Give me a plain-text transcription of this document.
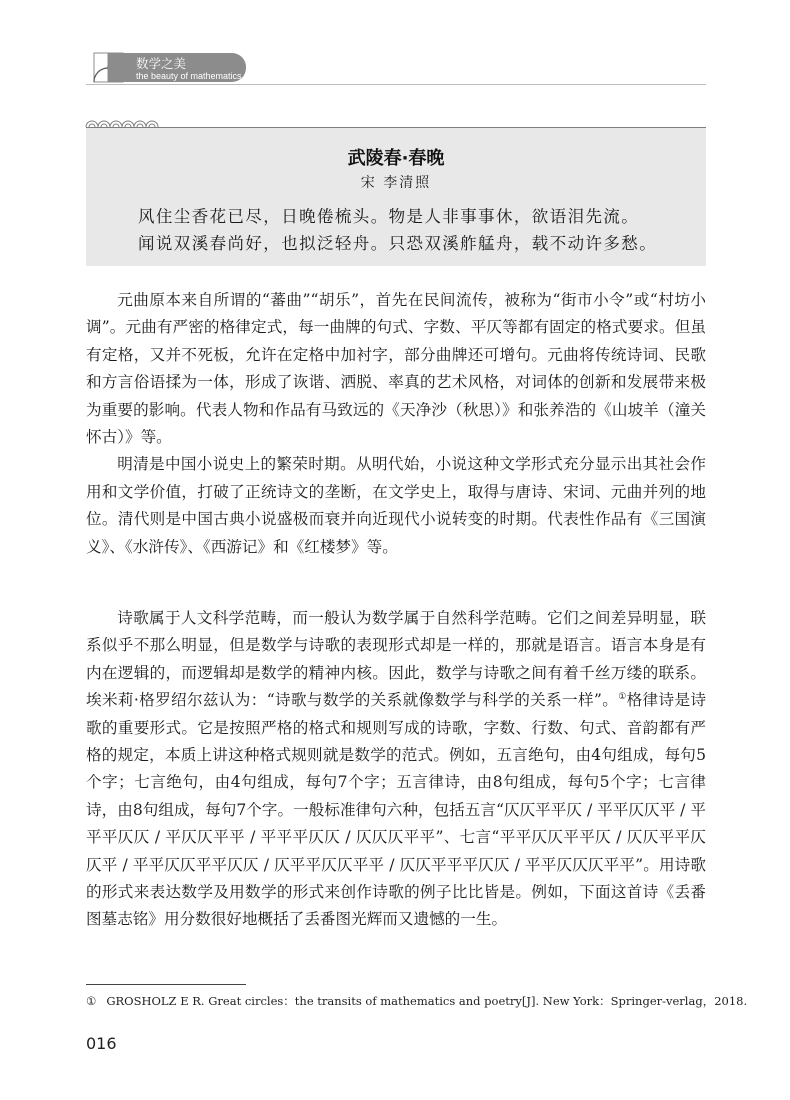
数学之美
the beauty of mathematics
武陵春·春晚
宋 李清照
风住尘香花已尽，日晚倦梳头。物是人非事事休，欲语泪先流。
闻说双溪春尚好，也拟泛轻舟。只恐双溪舴艋舟，载不动许多愁。

元曲原本来自所谓的“蕃曲”“胡乐”，首先在民间流传，被称为“街市小令”或“村坊小调”。元曲有严密的格律定式，每一曲牌的句式、字数、平仄等都有固定的格式要求。但虽有定格，又并不死板，允许在定格中加衬字，部分曲牌还可增句。元曲将传统诗词、民歌和方言俗语揉为一体，形成了诙谐、洒脱、率真的艺术风格，对词体的创新和发展带来极为重要的影响。代表人物和作品有马致远的《天净沙（秋思）》和张养浩的《山坡羊（潼关怀古）》等。

明清是中国小说史上的繁荣时期。从明代始，小说这种文学形式充分显示出其社会作用和文学价值，打破了正统诗文的垄断，在文学史上，取得与唐诗、宋词、元曲并列的地位。清代则是中国古典小说盛极而衰并向近现代小说转变的时期。代表性作品有《三国演义》、《水浒传》、《西游记》和《红楼梦》等。

诗歌属于人文科学范畴，而一般认为数学属于自然科学范畴。它们之间差异明显，联系似乎不那么明显，但是数学与诗歌的表现形式却是一样的，那就是语言。语言本身是有内在逻辑的，而逻辑却是数学的精神内核。因此，数学与诗歌之间有着千丝万缕的联系。埃米莉·格罗绍尔兹认为：“诗歌与数学的关系就像数学与科学的关系一样”。①格律诗是诗歌的重要形式。它是按照严格的格式和规则写成的诗歌，字数、行数、句式、音韵都有严格的规定，本质上讲这种格式规则就是数学的范式。例如，五言绝句，由4句组成，每句5个字；七言绝句，由4句组成，每句7个字；五言律诗，由8句组成，每句5个字；七言律诗，由8句组成，每句7个字。一般标准律句六种，包括五言“仄仄平平仄 / 平平仄仄平 / 平平平仄仄 / 平仄仄平平 / 平平平仄仄 / 仄仄仄平平”、七言“平平仄仄平平仄 / 仄仄平平仄仄平 / 平平仄仄平平仄仄 / 仄平平仄仄平平 / 仄仄平平平仄仄 / 平平仄仄仄平平”。用诗歌的形式来表达数学及用数学的形式来创作诗歌的例子比比皆是。例如，下面这首诗《丢番图墓志铭》用分数很好地概括了丢番图光辉而又遗憾的一生。

① GROSHOLZ E R. Great circles：the transits of mathematics and poetry[J]. New York：Springer-verlag，2018.
016
